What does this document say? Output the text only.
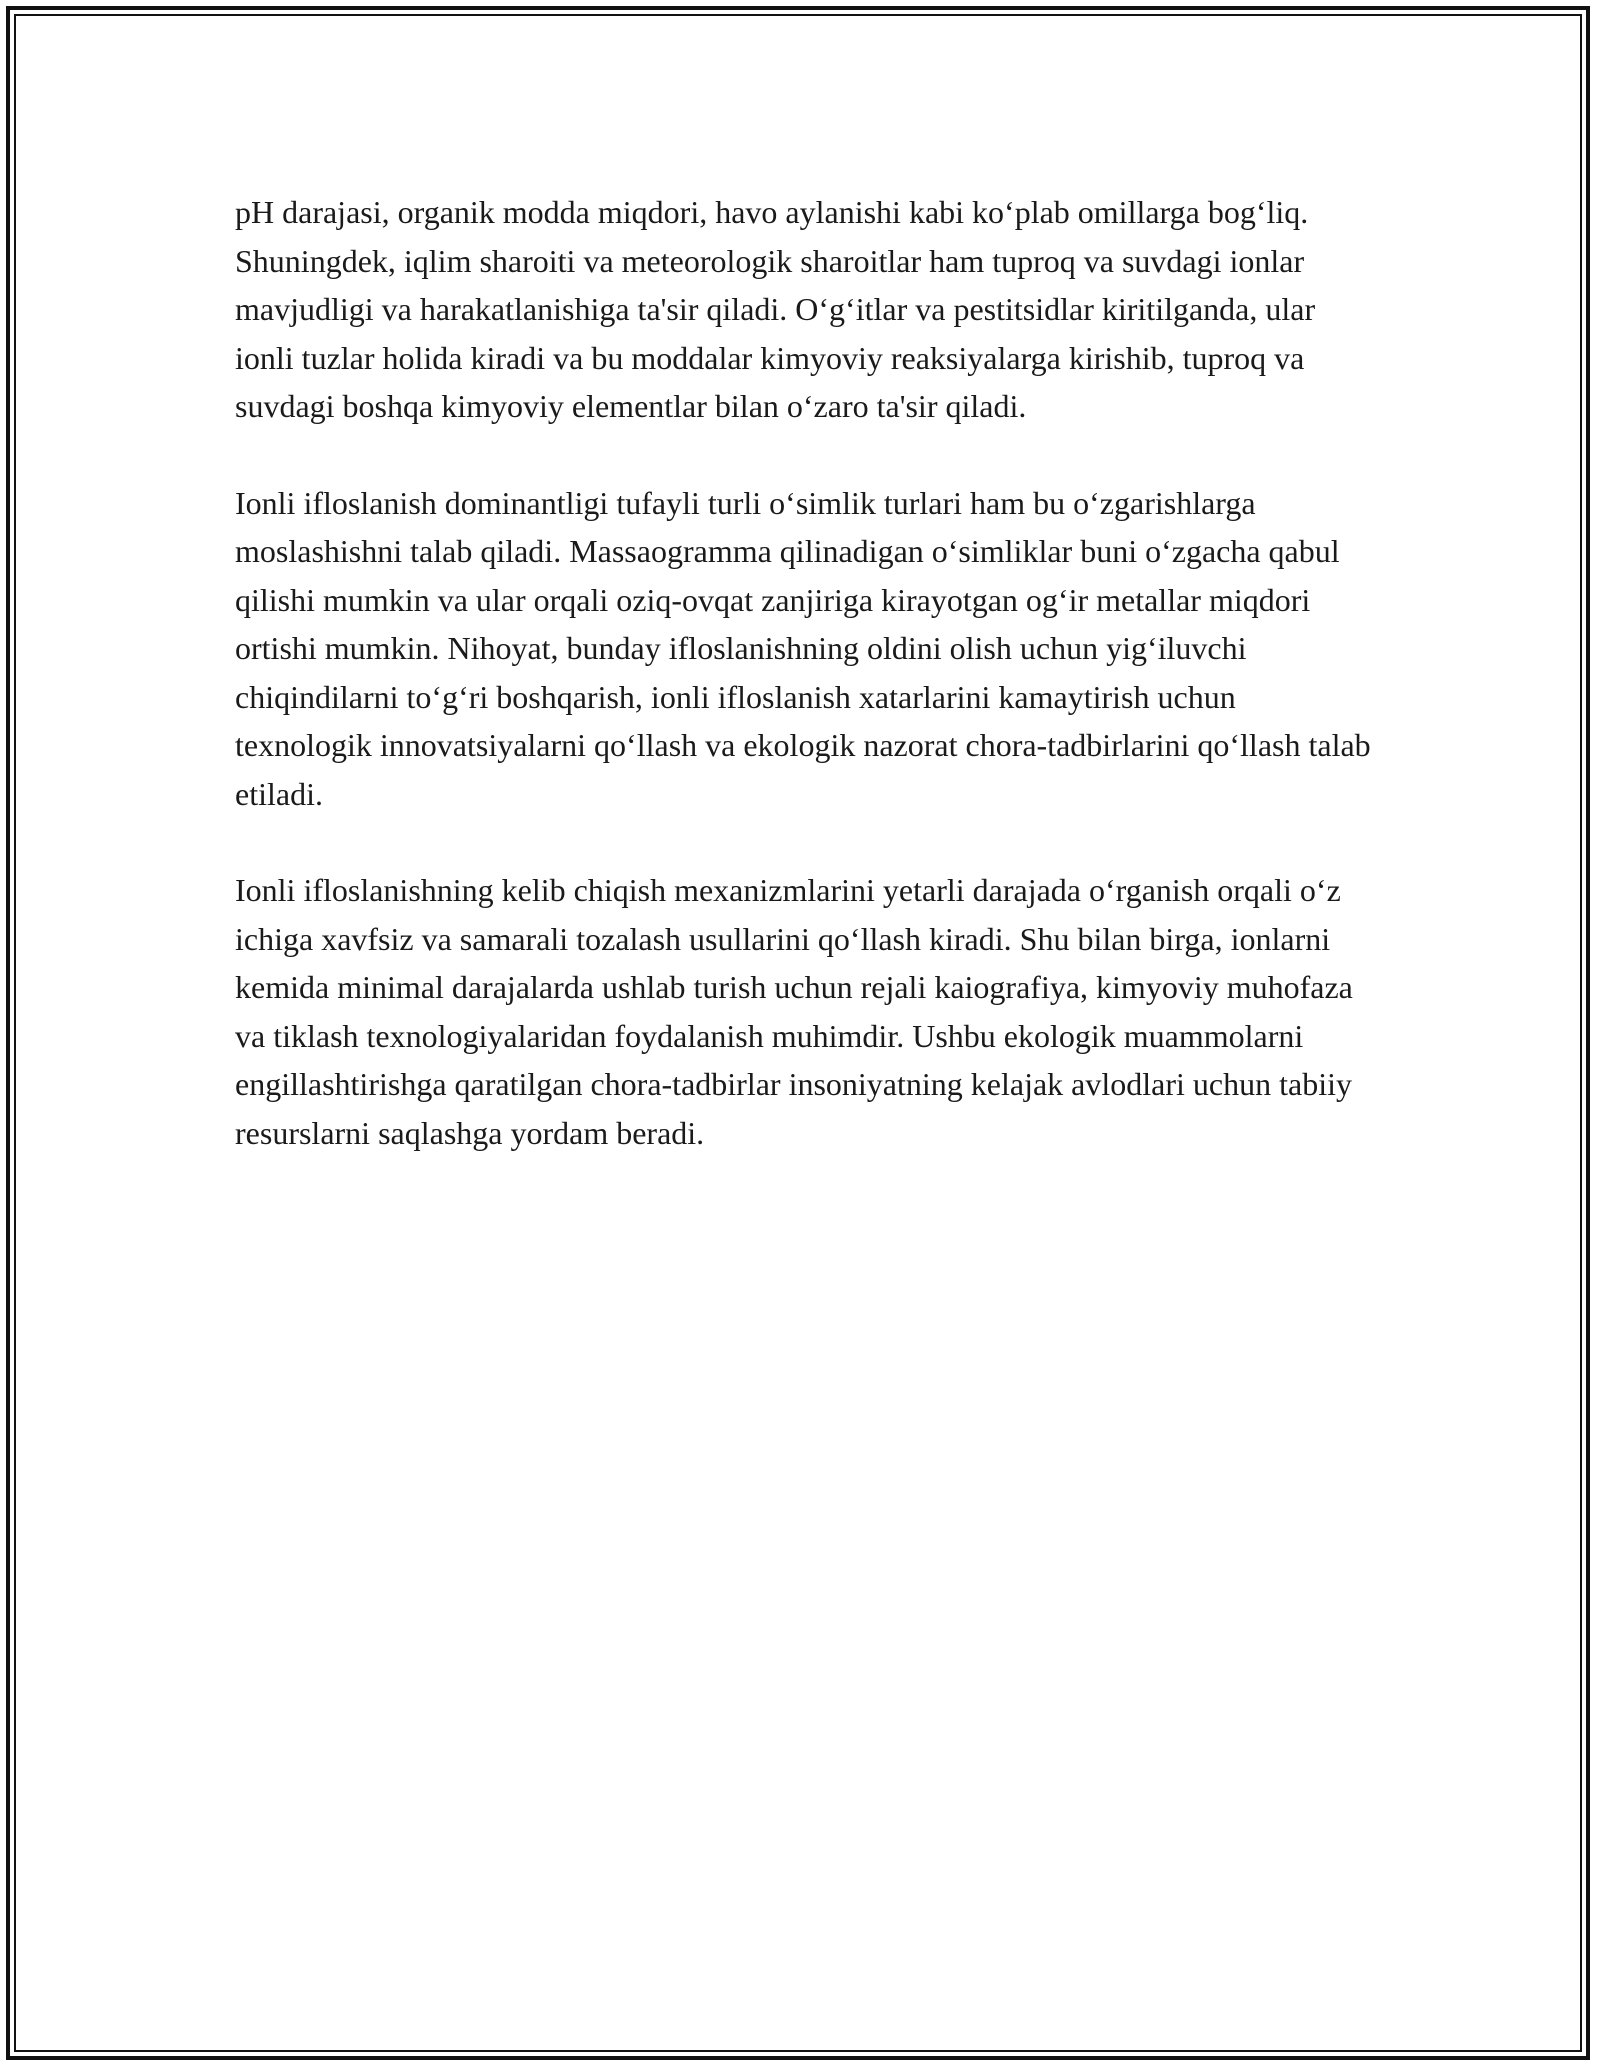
pH darajasi, organik modda miqdori, havo aylanishi kabi ko‘plab omillarga bog‘liq. Shuningdek, iqlim sharoiti va meteorologik sharoitlar ham tuproq va suvdagi ionlar mavjudligi va harakatlanishiga ta'sir qiladi. O‘g‘itlar va pestitsidlar kiritilganda, ular ionli tuzlar holida kiradi va bu moddalar kimyoviy reaksiyalarga kirishib, tuproq va suvdagi boshqa kimyoviy elementlar bilan o‘zaro ta'sir qiladi.

Ionli ifloslanish dominantligi tufayli turli o‘simlik turlari ham bu o‘zgarishlarga moslashishni talab qiladi. Massaogramma qilinadigan o‘simliklar buni o‘zgacha qabul qilishi mumkin va ular orqali oziq-ovqat zanjiriga kirayotgan og‘ir metallar miqdori ortishi mumkin. Nihoyat, bunday ifloslanishning oldini olish uchun yig‘iluvchi chiqindilarni to‘g‘ri boshqarish, ionli ifloslanish xatarlarini kamaytirish uchun texnologik innovatsiyalarni qo‘llash va ekologik nazorat chora-tadbirlarini qo‘llash talab etiladi.

Ionli ifloslanishning kelib chiqish mexanizmlarini yetarli darajada o‘rganish orqali o‘z ichiga xavfsiz va samarali tozalash usullarini qo‘llash kiradi. Shu bilan birga, ionlarni kemida minimal darajalarda ushlab turish uchun rejali kaiografiya, kimyoviy muhofaza va tiklash texnologiyalaridan foydalanish muhimdir. Ushbu ekologik muammolarni engillashtirishga qaratilgan chora-tadbirlar insoniyatning kelajak avlodlari uchun tabiiy resurslarni saqlashga yordam beradi.
